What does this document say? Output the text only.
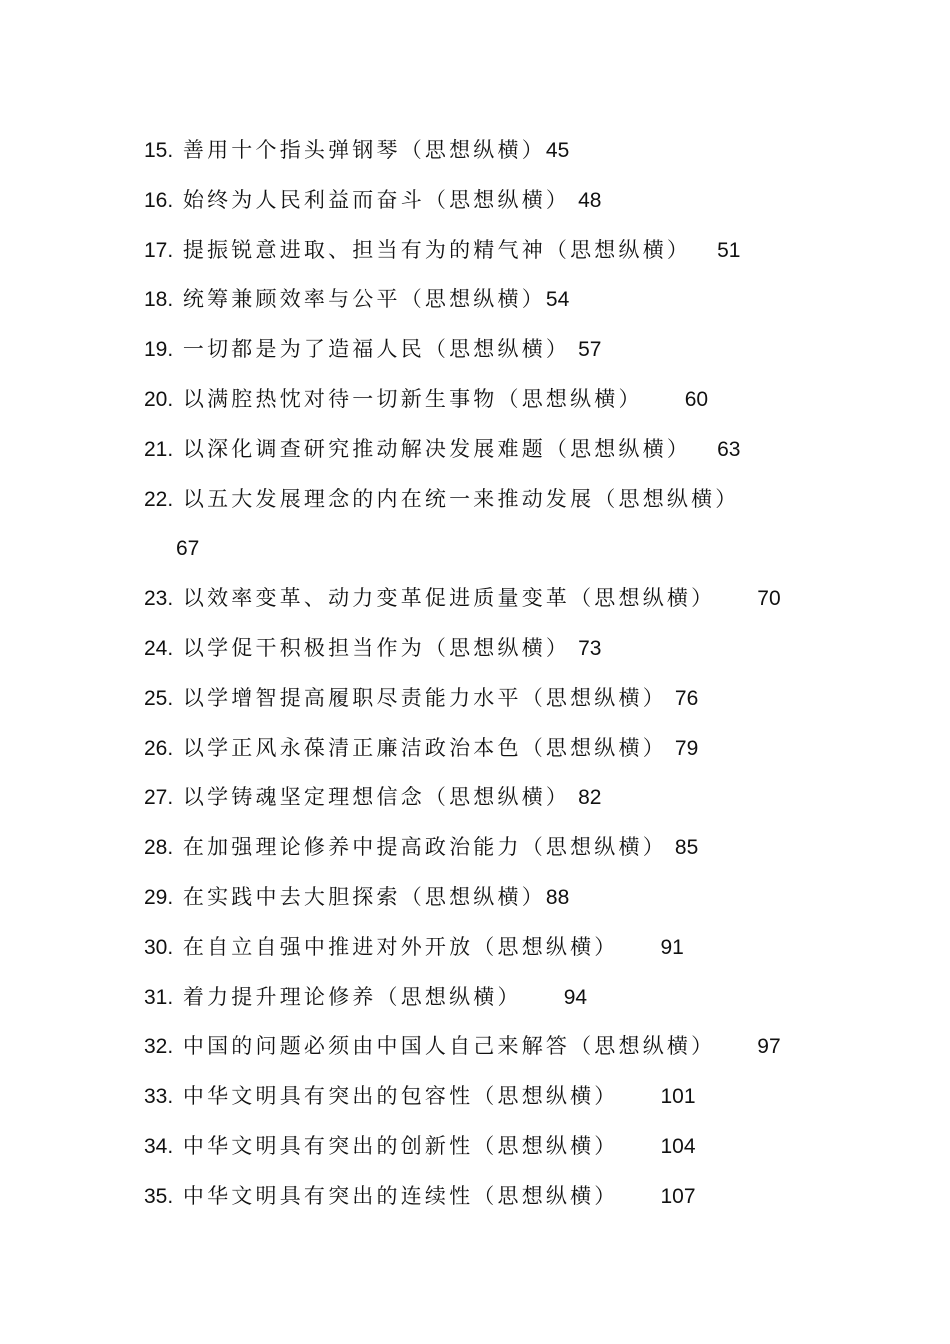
15. 善用十个指头弹钢琴（思想纵横）45
16. 始终为人民利益而奋斗（思想纵横） 48
17. 提振锐意进取、担当有为的精气神（思想纵横） 51
18. 统筹兼顾效率与公平（思想纵横）54
19. 一切都是为了造福人民（思想纵横） 57
20. 以满腔热忱对待一切新生事物（思想纵横） 60
21. 以深化调查研究推动解决发展难题（思想纵横） 63
22. 以五大发展理念的内在统一来推动发展（思想纵横）
67
23. 以效率变革、动力变革促进质量变革（思想纵横） 70
24. 以学促干积极担当作为（思想纵横） 73
25. 以学增智提高履职尽责能力水平（思想纵横） 76
26. 以学正风永葆清正廉洁政治本色（思想纵横） 79
27. 以学铸魂坚定理想信念（思想纵横） 82
28. 在加强理论修养中提高政治能力（思想纵横） 85
29. 在实践中去大胆探索（思想纵横）88
30. 在自立自强中推进对外开放（思想纵横） 91
31. 着力提升理论修养（思想纵横） 94
32. 中国的问题必须由中国人自己来解答（思想纵横） 97
33. 中华文明具有突出的包容性（思想纵横） 101
34. 中华文明具有突出的创新性（思想纵横） 104
35. 中华文明具有突出的连续性（思想纵横） 107
